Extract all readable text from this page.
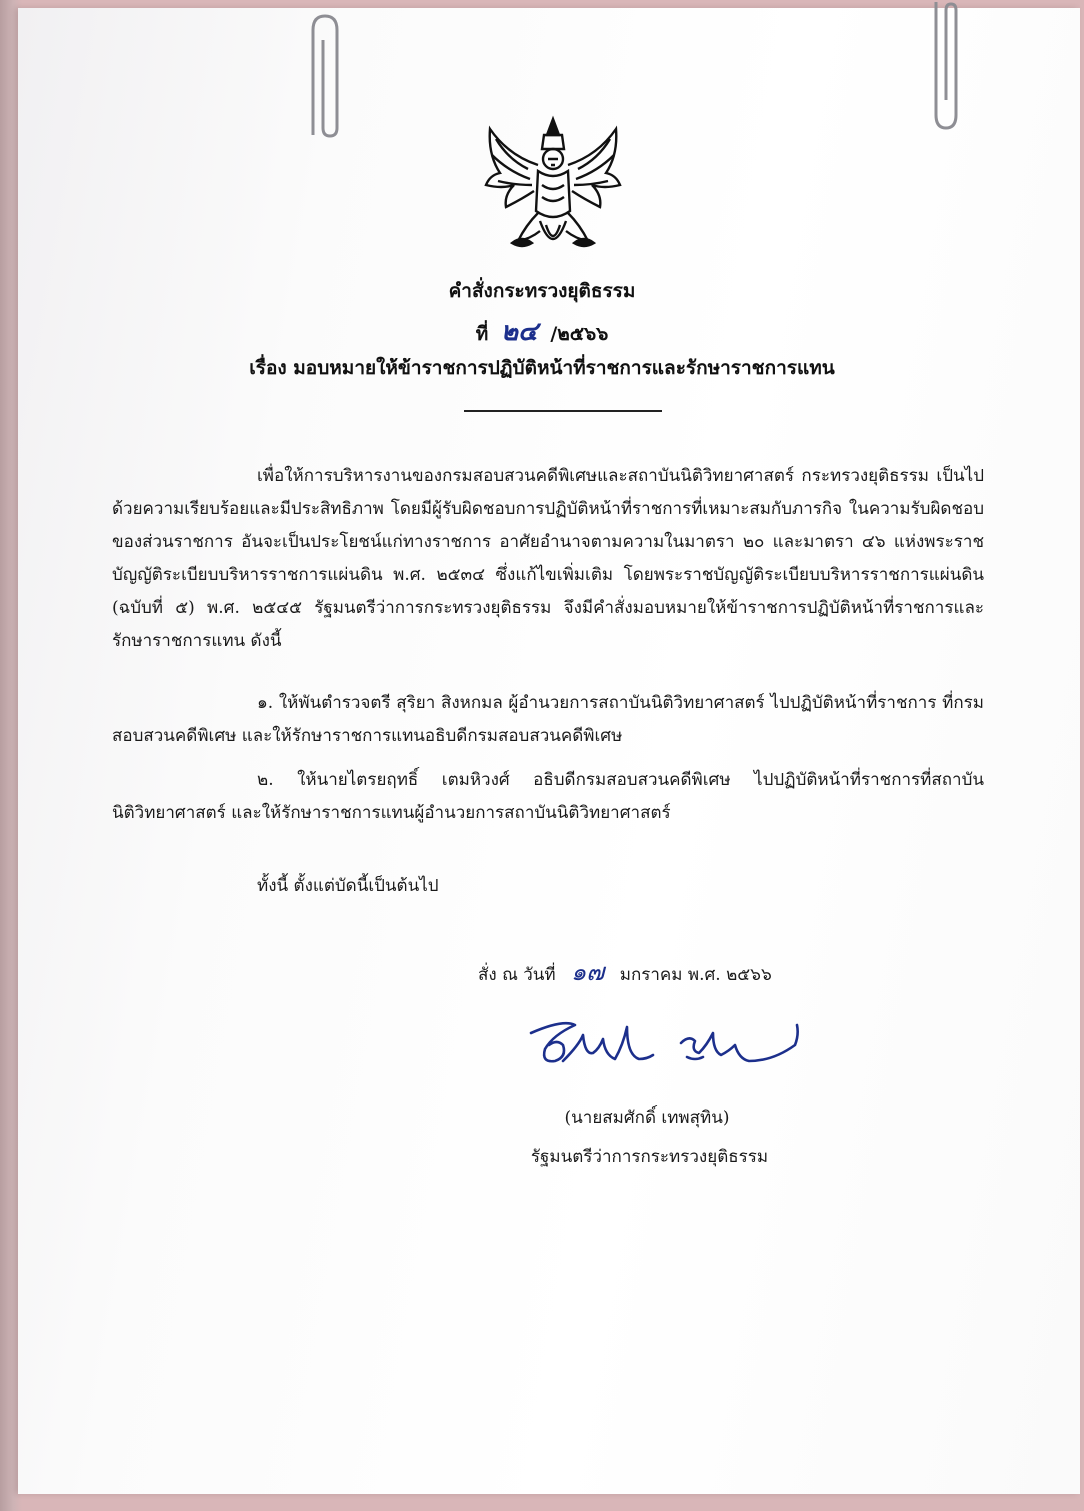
คำสั่งกระทรวงยุติธรรม
ที่ ๒๔ /๒๕๖๖
เรื่อง มอบหมายให้ข้าราชการปฏิบัติหน้าที่ราชการและรักษาราชการแทน
เพื่อให้การบริหารงานของกรมสอบสวนคดีพิเศษและสถาบันนิติวิทยาศาสตร์ กระทรวงยุติธรรม เป็นไปด้วยความเรียบร้อยและมีประสิทธิภาพ โดยมีผู้รับผิดชอบการปฏิบัติหน้าที่ราชการที่เหมาะสมกับภารกิจ ในความรับผิดชอบของส่วนราชการ อันจะเป็นประโยชน์แก่ทางราชการ อาศัยอำนาจตามความในมาตรา ๒๐ และมาตรา ๔๖ แห่งพระราชบัญญัติระเบียบบริหารราชการแผ่นดิน พ.ศ. ๒๕๓๔ ซึ่งแก้ไขเพิ่มเติม โดยพระราชบัญญัติระเบียบบริหารราชการแผ่นดิน (ฉบับที่ ๕) พ.ศ. ๒๕๔๕ รัฐมนตรีว่าการกระทรวงยุติธรรม จึงมีคำสั่งมอบหมายให้ข้าราชการปฏิบัติหน้าที่ราชการและรักษาราชการแทน ดังนี้
๑. ให้พันตำรวจตรี สุริยา สิงหกมล ผู้อำนวยการสถาบันนิติวิทยาศาสตร์ ไปปฏิบัติหน้าที่ราชการ ที่กรมสอบสวนคดีพิเศษ และให้รักษาราชการแทนอธิบดีกรมสอบสวนคดีพิเศษ
๒. ให้นายไตรยฤทธิ์ เตมหิวงศ์ อธิบดีกรมสอบสวนคดีพิเศษ ไปปฏิบัติหน้าที่ราชการที่สถาบัน นิติวิทยาศาสตร์ และให้รักษาราชการแทนผู้อำนวยการสถาบันนิติวิทยาศาสตร์
ทั้งนี้ ตั้งแต่บัดนี้เป็นต้นไป
สั่ง ณ วันที่ ๑๗ มกราคม พ.ศ. ๒๕๖๖
(นายสมศักดิ์ เทพสุทิน)
รัฐมนตรีว่าการกระทรวงยุติธรรม
